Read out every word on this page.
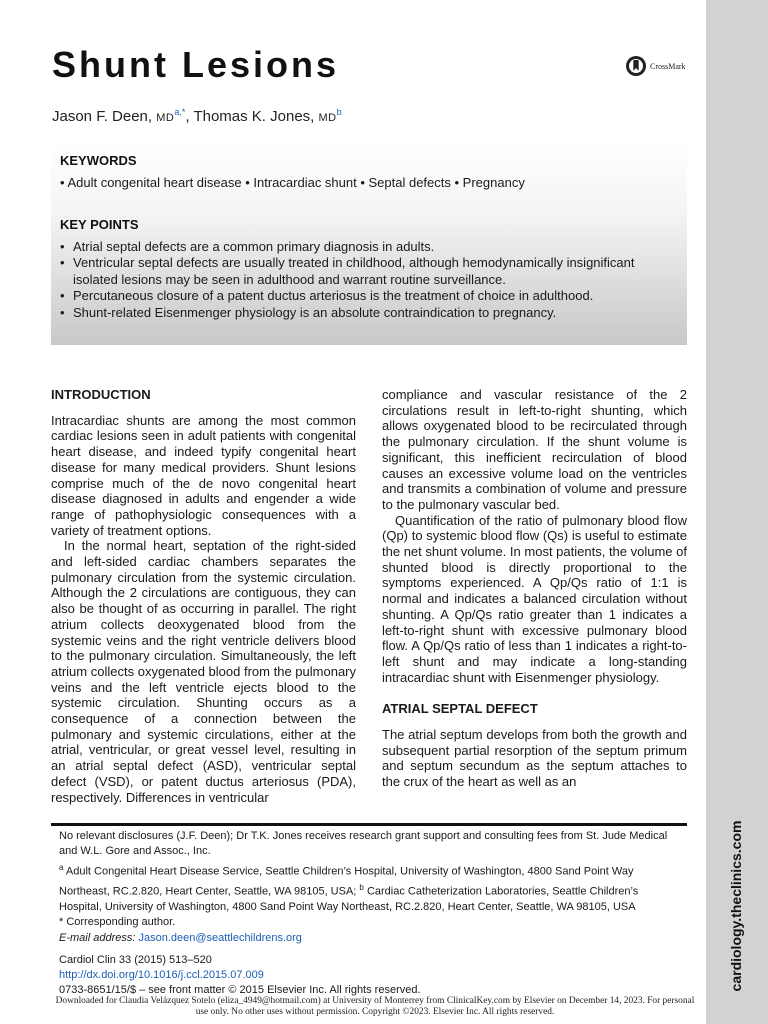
cardiology.theclinics.com
Shunt Lesions	CrossMark
Jason F. Deen, $MD^{a,*}$, Thomas K. Jones, $MD^b$
KEYWORDS
• Adult congenital heart disease • Intracardiac shunt • Septal defects • Pregnancy
KEY POINTS
• Atrial septal defects are a common primary diagnosis in adults.
• Ventricular septal defects are usually treated in childhood, although hemodynamically insignificant isolated lesions may be seen in adulthood and warrant routine surveillance.
• Percutaneous closure of a patent ductus arteriosus is the treatment of choice in adulthood.
• Shunt-related Eisenmenger physiology is an absolute contraindication to pregnancy.
INTRODUCTION

Intracardiac shunts are among the most common cardiac lesions seen in adult patients with congenital heart disease, and indeed typify congenital heart disease for many medical providers. Shunt lesions comprise much of the de novo congenital heart disease diagnosed in adults and engender a wide range of pathophysiologic consequences with a variety of treatment options.

In the normal heart, septation of the right-sided and left-sided cardiac chambers separates the pulmonary circulation from the systemic circulation. Although the 2 circulations are contiguous, they can also be thought of as occurring in parallel. The right atrium collects deoxygenated blood from the systemic veins and the right ventricle delivers blood to the pulmonary circulation. Simultaneously, the left atrium collects oxygenated blood from the pulmonary veins and the left ventricle ejects blood to the systemic circulation. Shunting occurs as a consequence of a connection between the pulmonary and systemic circulations, either at the atrial, ventricular, or great vessel level, resulting in an atrial septal defect (ASD), ventricular septal defect (VSD), or patent ductus arteriosus (PDA), respectively. Differences in ventricular

compliance and vascular resistance of the 2 circulations result in left-to-right shunting, which allows oxygenated blood to be recirculated through the pulmonary circulation. If the shunt volume is significant, this inefficient recirculation of blood causes an excessive volume load on the ventricles and transmits a combination of volume and pressure to the pulmonary vascular bed.

Quantification of the ratio of pulmonary blood flow (Qp) to systemic blood flow (Qs) is useful to estimate the net shunt volume. In most patients, the volume of shunted blood is directly proportional to the symptoms experienced. A Qp/Qs ratio of 1:1 is normal and indicates a balanced circulation without shunting. A Qp/Qs ratio greater than 1 indicates a left-to-right shunt with excessive pulmonary blood flow. A Qp/Qs ratio of less than 1 indicates a right-to-left shunt and may indicate a long-standing intracardiac shunt with Eisenmenger physiology.

ATRIAL SEPTAL DEFECT

The atrial septum develops from both the growth and subsequent partial resorption of the septum primum and septum secundum as the septum attaches to the crux of the heart as well as an

No relevant disclosures (J.F. Deen); Dr T.K. Jones receives research grant support and consulting fees from St. Jude Medical and W.L. Gore and Assoc., Inc.

$^a$ Adult Congenital Heart Disease Service, Seattle Children’s Hospital, University of Washington, 4800 Sand Point Way Northeast, RC.2.820, Heart Center, Seattle, WA 98105, USA; $^b$ Cardiac Catheterization Laboratories, Seattle Children’s Hospital, University of Washington, 4800 Sand Point Way Northeast, RC.2.820, Heart Center, Seattle, WA 98105, USA

* Corresponding author.

E-mail address: Jason.deen@seattlechildrens.org

Cardiol Clin 33 (2015) 513–520

http://dx.doi.org/10.1016/j.ccl.2015.07.009

0733-8651/15/$ – see front matter © 2015 Elsevier Inc. All rights reserved.

Downloaded for Claudia Velázquez Sotelo (eliza_4949@hotmail.com) at University of Monterrey from ClinicalKey.com by Elsevier on December 14, 2023. For personal use only. No other uses without permission. Copyright ©2023. Elsevier Inc. All rights reserved.
